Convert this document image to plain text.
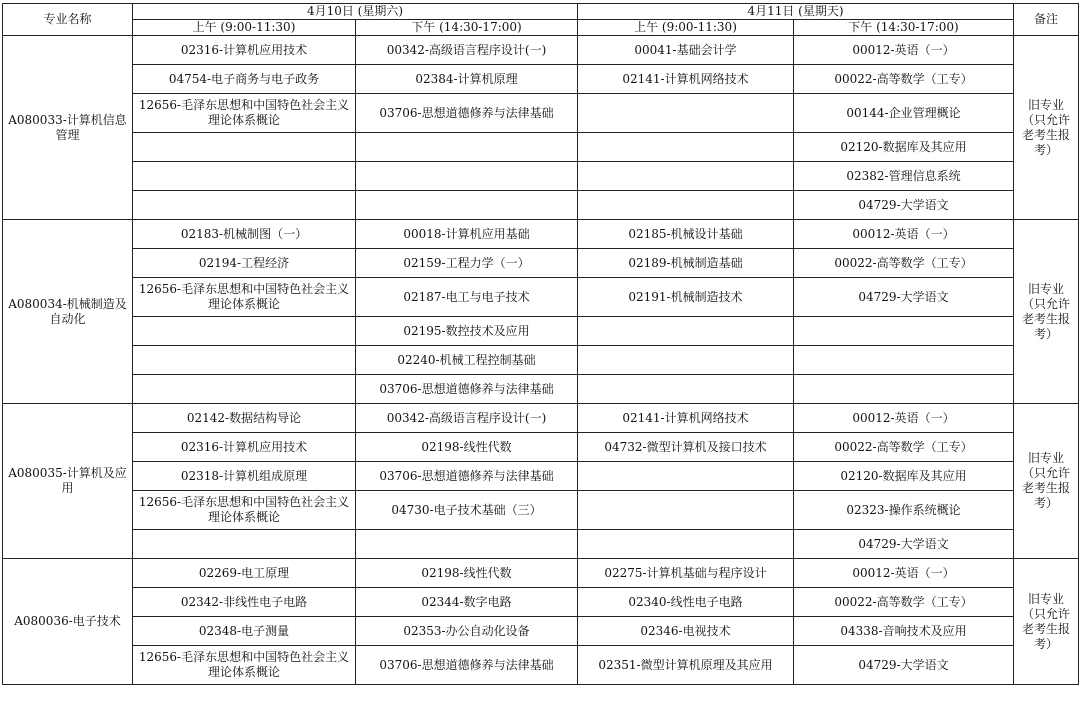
专业名称	4月10日 (星期六)		4月11日 (星期天)		备注
	上午 (9:00-11:30)	下午 (14:30-17:00)	上午 (9:00-11:30)	下午 (14:30-17:00)	
A080033-计算机信息管理	02316-计算机应用技术	00342-高级语言程序设计(一)	00041-基础会计学	00012-英语（一）	旧专业（只允许老考生报考）
	04754-电子商务与电子政务	02384-计算机原理	02141-计算机网络技术	00022-高等数学（工专）	
	12656-毛泽东思想和中国特色社会主义理论体系概论	03706-思想道德修养与法律基础		00144-企业管理概论	
				02120-数据库及其应用	
				02382-管理信息系统	
				04729-大学语文	
A080034-机械制造及自动化	02183-机械制图（一）	00018-计算机应用基础	02185-机械设计基础	00012-英语（一）	旧专业（只允许老考生报考）
	02194-工程经济	02159-工程力学（一）	02189-机械制造基础	00022-高等数学（工专）	
	12656-毛泽东思想和中国特色社会主义理论体系概论	02187-电工与电子技术	02191-机械制造技术	04729-大学语文	
		02195-数控技术及应用			
		02240-机械工程控制基础			
		03706-思想道德修养与法律基础			
A080035-计算机及应用	02142-数据结构导论	00342-高级语言程序设计(一)	02141-计算机网络技术	00012-英语（一）	旧专业（只允许老考生报考）
	02316-计算机应用技术	02198-线性代数	04732-微型计算机及接口技术	00022-高等数学（工专）	
	02318-计算机组成原理	03706-思想道德修养与法律基础		02120-数据库及其应用	
	12656-毛泽东思想和中国特色社会主义理论体系概论	04730-电子技术基础（三）		02323-操作系统概论	
				04729-大学语文	
A080036-电子技术	02269-电工原理	02198-线性代数	02275-计算机基础与程序设计	00012-英语（一）	旧专业（只允许老考生报考）
	02342-非线性电子电路	02344-数字电路	02340-线性电子电路	00022-高等数学（工专）	
	02348-电子测量	02353-办公自动化设备	02346-电视技术	04338-音响技术及应用	
	12656-毛泽东思想和中国特色社会主义理论体系概论	03706-思想道德修养与法律基础	02351-微型计算机原理及其应用	04729-大学语文	
